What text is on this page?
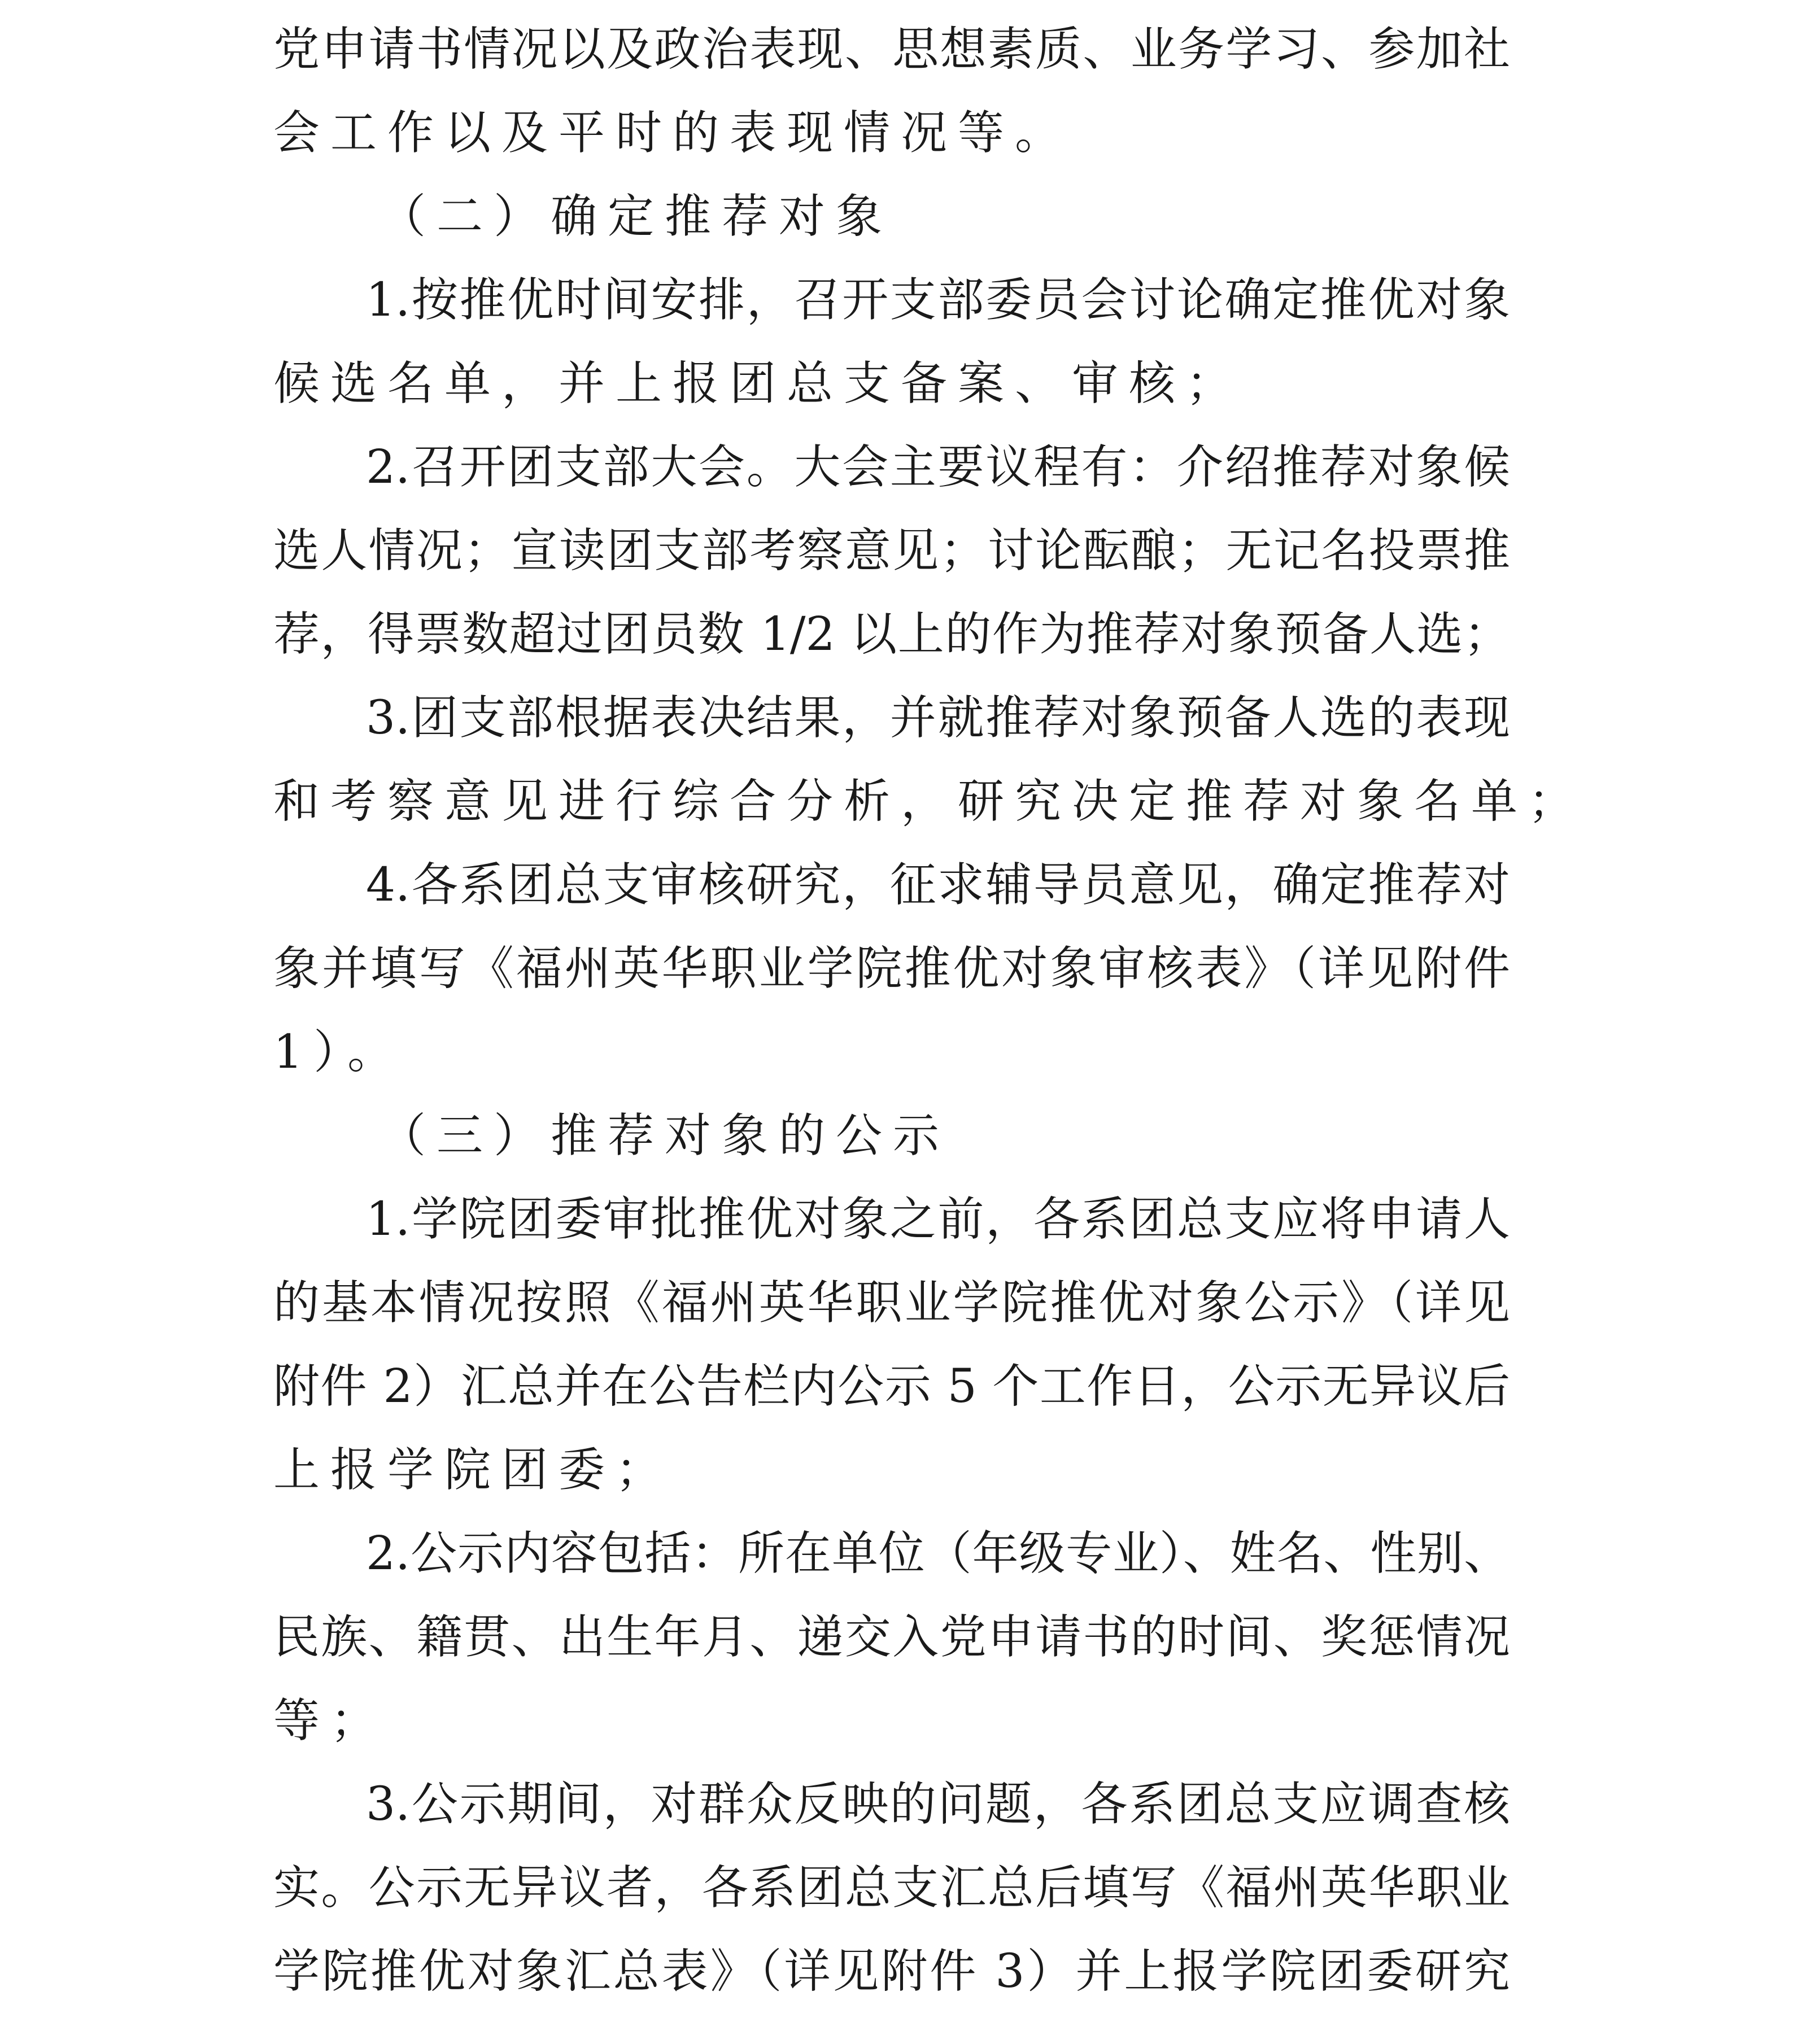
党申请书情况以及政治表现、思想素质、业务学习、参加社
会工作以及平时的表现情况等。
（二）确定推荐对象
1.按推优时间安排，召开支部委员会讨论确定推优对象
候选名单，并上报团总支备案、审核；
2.召开团支部大会。大会主要议程有：介绍推荐对象候
选人情况；宣读团支部考察意见；讨论酝酿；无记名投票推
荐，得票数超过团员数 1/2 以上的作为推荐对象预备人选；
3.团支部根据表决结果，并就推荐对象预备人选的表现
和考察意见进行综合分析，研究决定推荐对象名单；
4.各系团总支审核研究，征求辅导员意见，确定推荐对
象并填写《福州英华职业学院推优对象审核表》（详见附件
1）。
（三）推荐对象的公示
1.学院团委审批推优对象之前，各系团总支应将申请人
的基本情况按照《福州英华职业学院推优对象公示》（详见
附件 2）汇总并在公告栏内公示 5 个工作日，公示无异议后
上报学院团委；
2.公示内容包括：所在单位（年级专业）、姓名、性别、
民族、籍贯、出生年月、递交入党申请书的时间、奖惩情况
等；
3.公示期间，对群众反映的问题，各系团总支应调查核
实。公示无异议者，各系团总支汇总后填写《福州英华职业
学院推优对象汇总表》（详见附件 3）并上报学院团委研究
